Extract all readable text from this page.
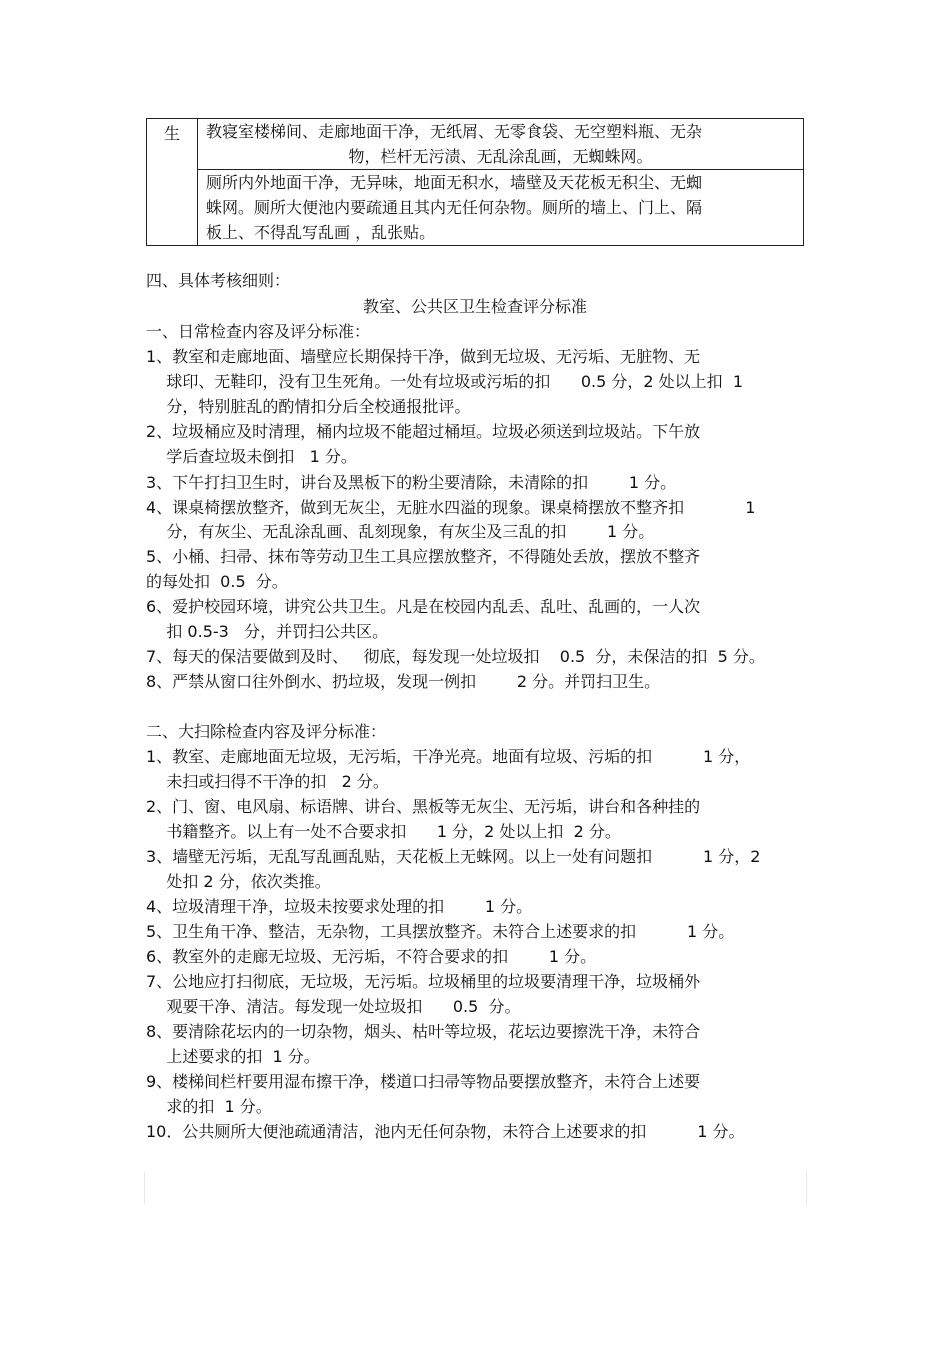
生	教寝室楼梯间、走廊地面干净，无纸屑、无零食袋、无空塑料瓶、无杂
物，栏杆无污渍、无乱涂乱画，无蜘蛛网。

厕所内外地面干净，无异味，地面无积水，墙壁及天花板无积尘、无蜘
蛛网。厕所大便池内要疏通且其内无任何杂物。厕所的墙上、门上、隔
板上、不得乱写乱画 ，乱张贴。
四、具体考核细则：
教室、公共区卫生检查评分标准
一、日常检查内容及评分标准：
1、教室和走廊地面、墙壁应长期保持干净，做到无垃圾、无污垢、无脏物、无
球印、无鞋印，没有卫生死角。一处有垃圾或污垢的扣      0.5 分，2 处以上扣  1
分，特别脏乱的酌情扣分后全校通报批评。
2、垃圾桶应及时清理，桶内垃圾不能超过桶垣。垃圾必须送到垃圾站。下午放
学后查垃圾未倒扣   1 分。
3、下午打扫卫生时，讲台及黑板下的粉尘要清除，未清除的扣        1 分。
4、课桌椅摆放整齐，做到无灰尘，无脏水四溢的现象。课桌椅摆放不整齐扣            1
分，有灰尘、无乱涂乱画、乱刻现象，有灰尘及三乱的扣        1 分。
5、小桶、扫帚、抹布等劳动卫生工具应摆放整齐，不得随处丢放，摆放不整齐
的每处扣  0.5  分。
6、爱护校园环境，讲究公共卫生。凡是在校园内乱丢、乱吐、乱画的，一人次
扣 0.5-3   分，并罚扫公共区。
7、每天的保洁要做到及时、   彻底，每发现一处垃圾扣    0.5  分，未保洁的扣  5 分。
8、严禁从窗口往外倒水、扔垃圾，发现一例扣        2 分。并罚扫卫生。
二、大扫除检查内容及评分标准：
1、教室、走廊地面无垃圾，无污垢，干净光亮。地面有垃圾、污垢的扣          1 分，
未扫或扫得不干净的扣   2 分。
2、门、窗、电风扇、标语牌、讲台、黑板等无灰尘、无污垢，讲台和各种挂的
书籍整齐。以上有一处不合要求扣      1 分，2 处以上扣  2 分。
3、墙壁无污垢，无乱写乱画乱贴，天花板上无蛛网。以上一处有问题扣          1 分，2
处扣 2 分，依次类推。
4、垃圾清理干净，垃圾未按要求处理的扣        1 分。
5、卫生角干净、整洁，无杂物，工具摆放整齐。未符合上述要求的扣          1 分。
6、教室外的走廊无垃圾、无污垢，不符合要求的扣        1 分。
7、公地应打扫彻底，无垃圾，无污垢。垃圾桶里的垃圾要清理干净，垃圾桶外
观要干净、清洁。每发现一处垃圾扣      0.5  分。
8、要清除花坛内的一切杂物，烟头、枯叶等垃圾，花坛边要擦洗干净，未符合
上述要求的扣  1 分。
9、楼梯间栏杆要用湿布擦干净，楼道口扫帚等物品要摆放整齐，未符合上述要
求的扣  1 分。
10．公共厕所大便池疏通清洁，池内无任何杂物，未符合上述要求的扣          1 分。
